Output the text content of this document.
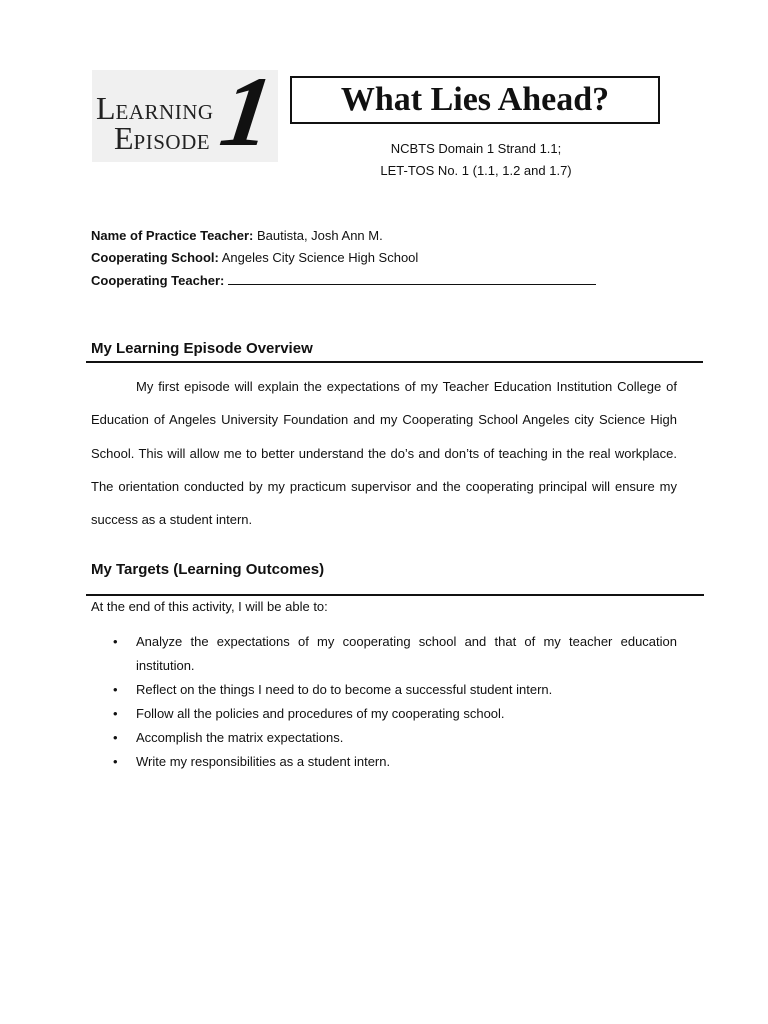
LEARNING
EPISODE 1	What Lies Ahead?
NCBTS Domain 1 Strand 1.1;
LET-TOS No. 1 (1.1, 1.2 and 1.7)
Name of Practice Teacher: Bautista, Josh Ann M.
Cooperating School: Angeles City Science High School
Cooperating Teacher:
My Learning Episode Overview

My first episode will explain the expectations of my Teacher Education Institution College of Education of Angeles University Foundation and my Cooperating School Angeles city Science High School. This will allow me to better understand the do’s and don’ts of teaching in the real workplace. The orientation conducted by my practicum supervisor and the cooperating principal will ensure my success as a student intern.

My Targets (Learning Outcomes)
At the end of this activity, I will be able to:
• Analyze the expectations of my cooperating school and that of my teacher education institution.
• Reflect on the things I need to do to become a successful student intern.
• Follow all the policies and procedures of my cooperating school.
• Accomplish the matrix expectations.
• Write my responsibilities as a student intern.
